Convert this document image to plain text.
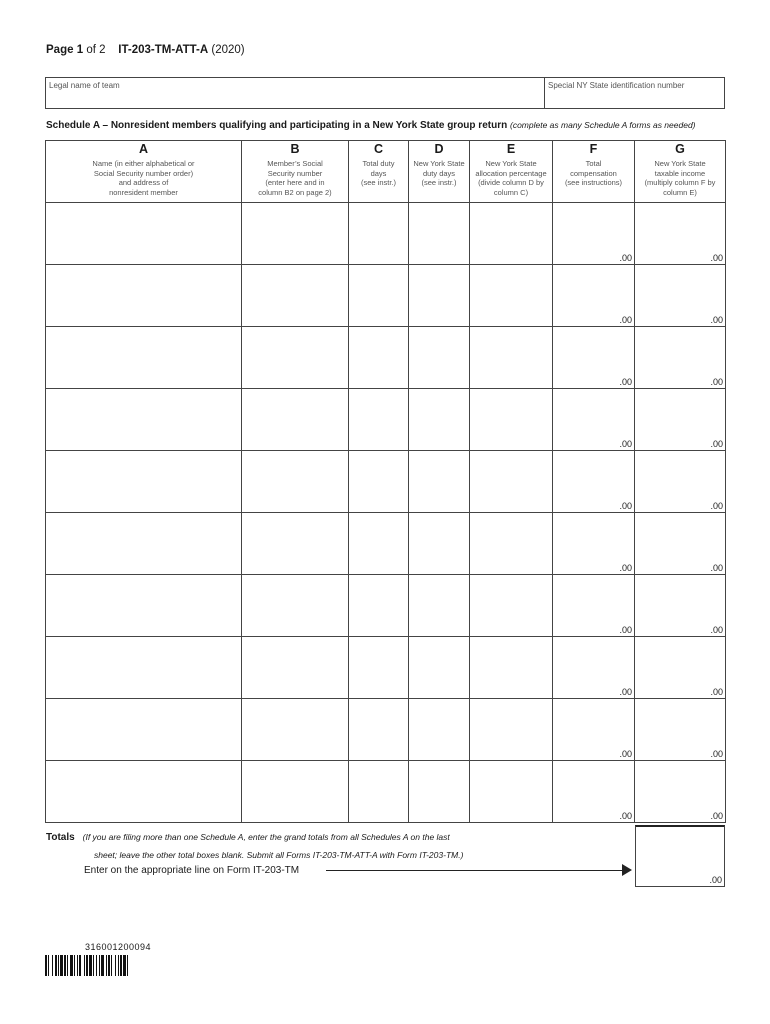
Page 1 of 2 IT-203-TM-ATT-A (2020)
Legal name of team	Special NY State identification number
Schedule A – Nonresident members qualifying and participating in a New York State group return (complete as many Schedule A forms as needed)
A
Name (in either alphabetical or
Social Security number order)
and address of
nonresident member	B
Member’s Social
Security number
(enter here and in
column B2 on page 2)	C
Total duty
days
(see instr.)	D
New York State
duty days
(see instr.)	E
New York State
allocation percentage
(divide column D by
column C)	F
Total
compensation
(see instructions)	G
New York State
taxable income
(multiply column F by
column E)

					.00	.00

					.00	.00

					.00	.00

					.00	.00

					.00	.00

					.00	.00

					.00	.00

					.00	.00

					.00	.00

					.00	.00
Totals (If you are filing more than one Schedule A, enter the grand totals from all Schedules A on the last
sheet; leave the other total boxes blank. Submit all Forms IT-203-TM-ATT-A with Form IT-203-TM.)
Enter on the appropriate line on Form IT-203-TM
.00
316001200094
